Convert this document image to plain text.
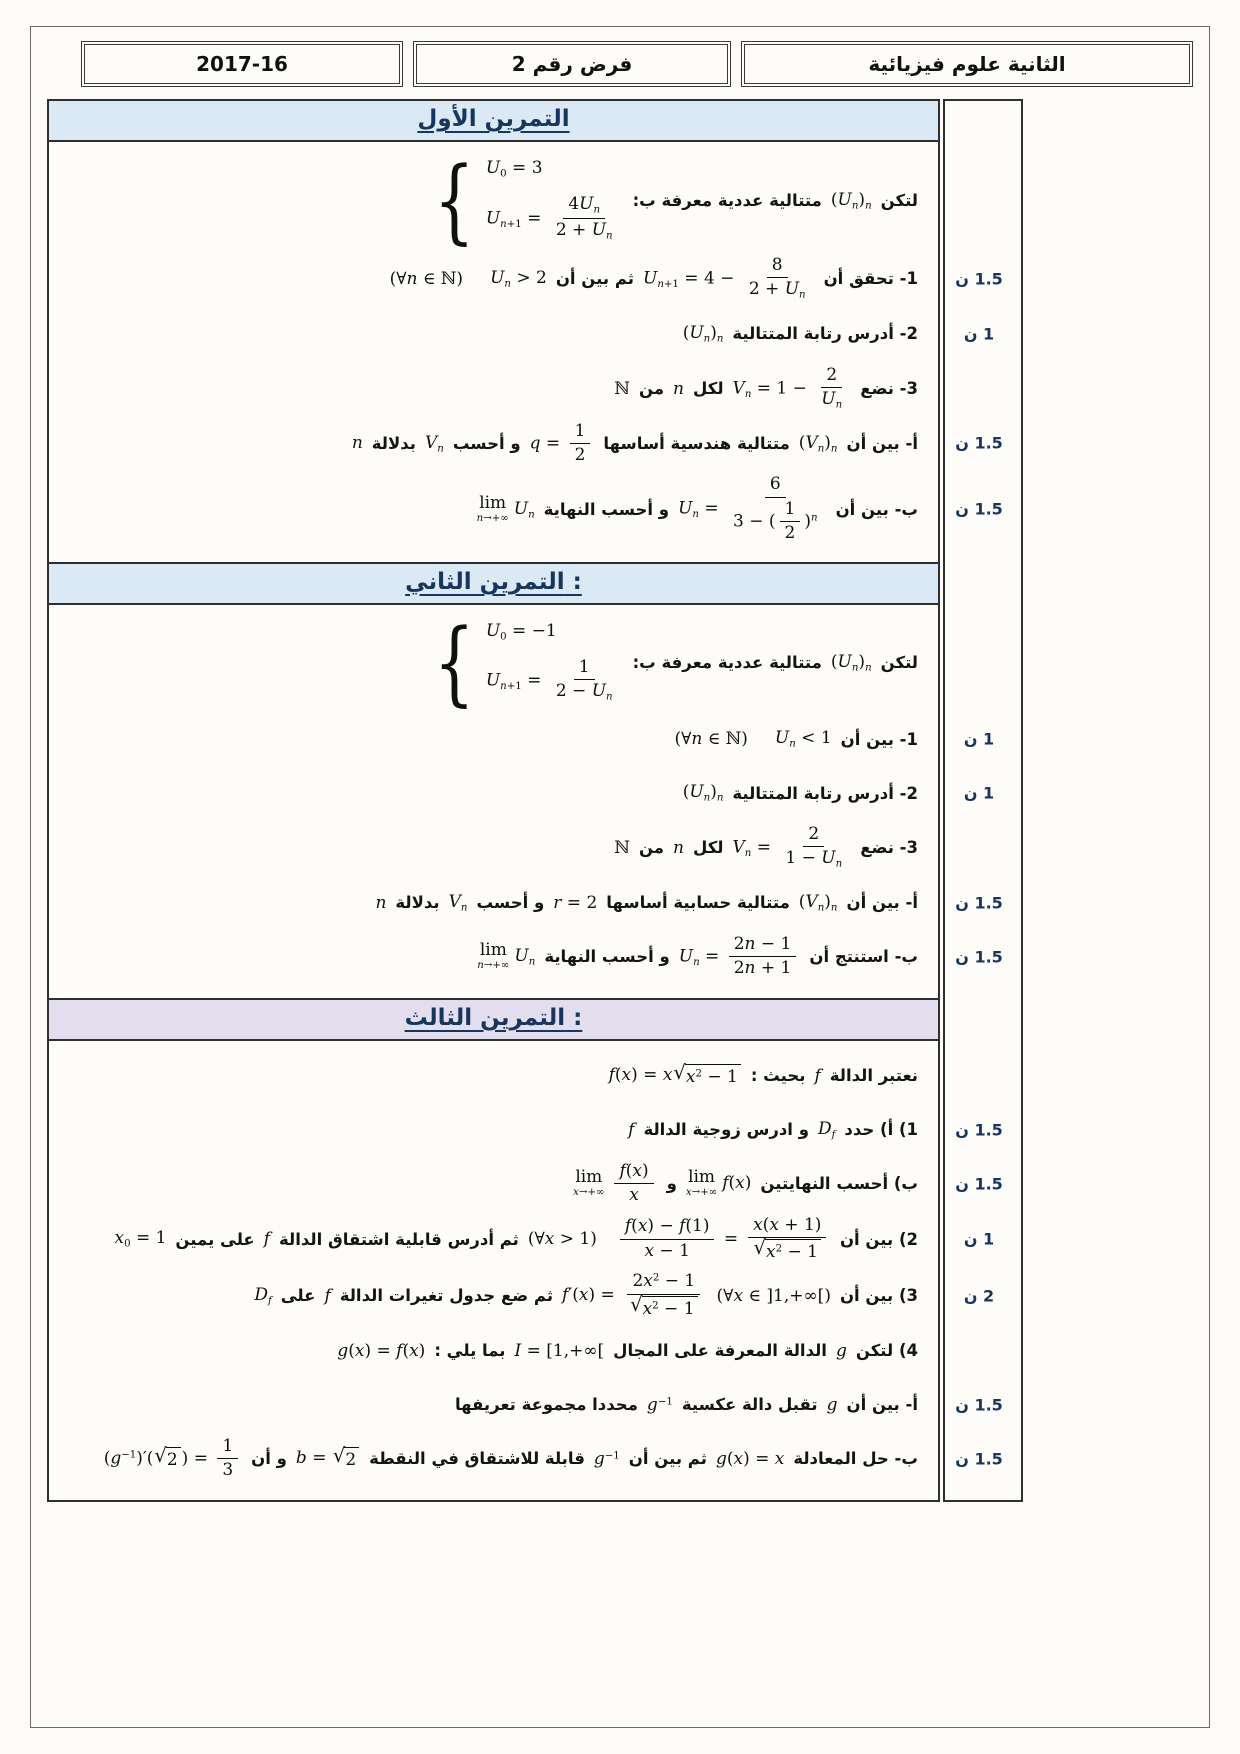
الثانية علوم فيزيائية
فرض رقم 2
2017-16
التمرين الأول
لتكن
$(U_n)_n$
متتالية عددية معرفة ب:
{ $U_0 = 3$
$U_{n+1} = \frac{4U_n}{2 + U_n}$
1- تحقق أن
$U_{n+1} = 4 - \frac{8}{2 + U_n}$
ثم بين أن
$U_n > 2$
(∀n ∈ ℕ)	1.5 ن
2- أدرس رتابة المتتالية
$(U_n)_n$	1 ن
3- نضع
$V_n = 1 - \frac{2}{U_n}$
لكل
n
من
ℕ
أ- بين أن
$(V_n)_n$
متتالية هندسية أساسها
$q = \frac{1}{2}$
و أحسب
$V_n$
بدلالة
n	1.5 ن
ب- بين أن
$U_n = \frac{6}{3 - ( \frac{1}{2} )^n}$
و أحسب النهاية
lim
n→+∞ $U_n$	1.5 ن
التمرين الثاني :
لتكن
$(U_n)_n$
متتالية عددية معرفة ب:
{ $U_0 = -1$
$U_{n+1} = \frac{1}{2 - U_n}$
1- بين أن
$U_n < 1$
(∀n ∈ ℕ)	1 ن
2- أدرس رتابة المتتالية
$(U_n)_n$	1 ن
3- نضع
$V_n = \frac{2}{1 - U_n}$
لكل
n
من
ℕ
أ- بين أن
$(V_n)_n$
متتالية حسابية أساسها
r = 2
و أحسب
$V_n$
بدلالة
n	1.5 ن
ب- استنتج أن
$U_n = \frac{2n - 1}{2n + 1}$
و أحسب النهاية
lim
n→+∞ $U_n$	1.5 ن
التمرين الثالث :
نعتبر الدالة
f
بحيث :
f(x) = x √ $x^2 - 1$
1) أ) حدد
$D_f$
و ادرس زوجية الدالة
f	1.5 ن
ب) أحسب النهايتين
lim
x→+∞ f(x)
و
lim
$x\to+\infty \frac{f(x)}{x}$	1.5 ن
2) بين أن
$\frac{f(x) - f(1)}{x - 1} = \frac{x(x + 1)}{√ x^2 - 1}$
(∀x > 1)
ثم أدرس قابلية اشتقاق الدالة
f
على يمين
$x_0 = 1$	1 ن
3) بين أن
(∀x ∈ ]1,+∞[)
$f'(x) = \frac{2x^2 - 1}{√ x^2 - 1}$
ثم ضع جدول تغيرات الدالة
f
على
$D_f$	2 ن
4) لتكن
g
الدالة المعرفة على المجال
I = [1,+∞[
بما يلي :
g(x) = f(x)
أ- بين أن
g
تقبل دالة عكسية
$g^{-1}$
محددا مجموعة تعريفها	1.5 ن
ب- حل المعادلة
g(x) = x
ثم بين أن
$g^{-1}$
قابلة للاشتقاق في النقطة
b = √ 2
و أن
$(g^{-1})'$( √ 2 ) = $\frac{1}{3}$	1.5 ن
